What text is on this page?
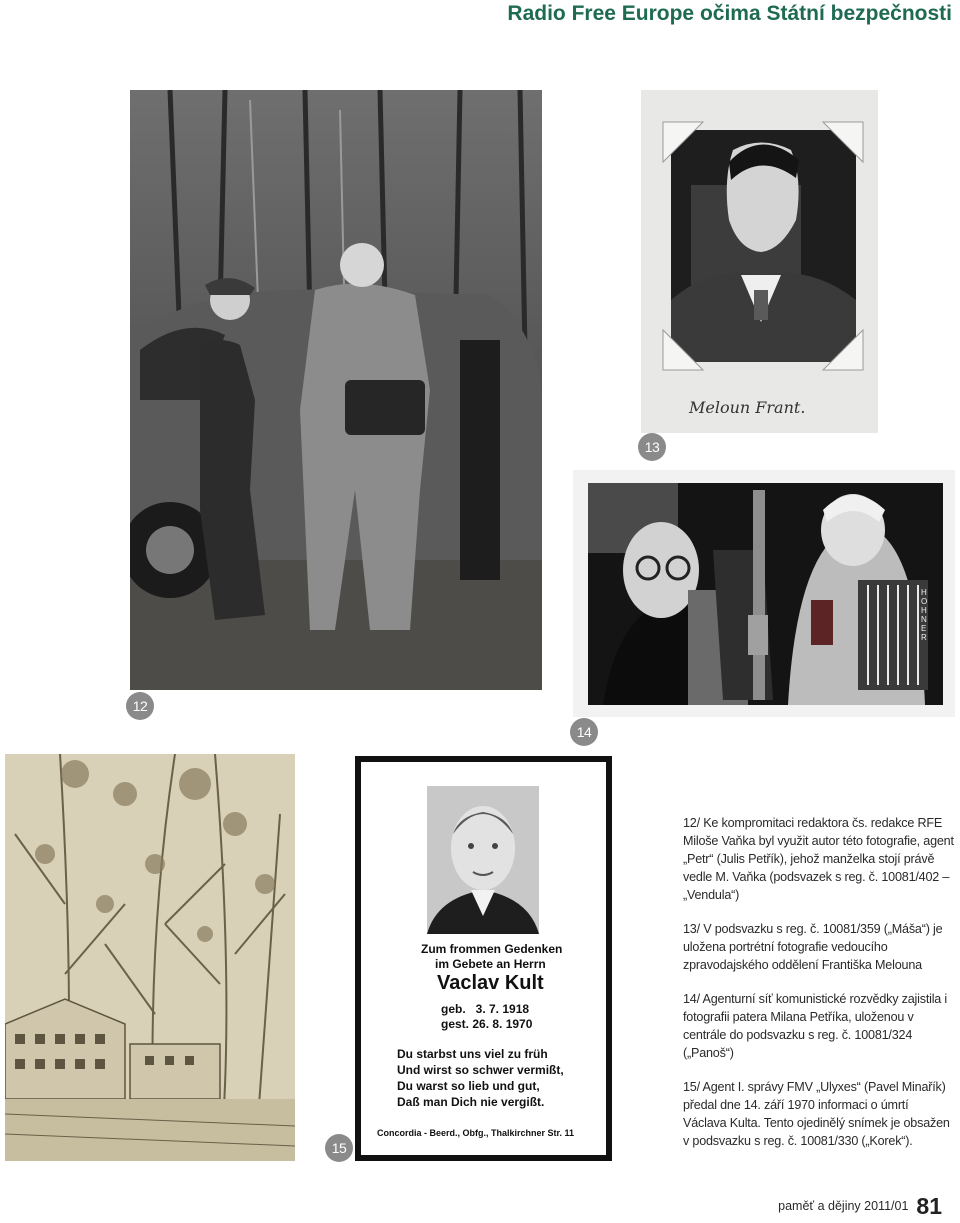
Radio Free Europe očima Státní bezpečnosti
12
Meloun Frant.
13
HOHNER
14
15
Zum frommen Gedenken
im Gebete an Herrn
Vaclav Kult
geb.   3. 7. 1918
gest. 26. 8. 1970
Du starbst uns viel zu früh
Und wirst so schwer vermißt,
Du warst so lieb und gut,
Daß man Dich nie vergißt.
Concordia - Beerd., Obfg., Thalkirchner Str. 11

12/ Ke kompromitaci redaktora čs. redakce RFE Miloše Vaňka byl využit autor této fotografie, agent „Petr“ (Julis Petřík), jehož manželka stojí právě vedle M. Vaňka (podsvazek s reg. č. 10081/402 – „Vendula“)

13/ V podsvazku s reg. č. 10081/359 („Máša“) je uložena portrétní fotografie vedoucího zpravodajského oddělení Františka Melouna

14/ Agenturní síť komunistické rozvědky zajistila i fotografii patera Milana Petříka, uloženou v centrále do podsvazku s reg. č. 10081/324 („Panoš“)

15/ Agent I. správy FMV „Ulyxes“ (Pavel Minařík) předal dne 14. září 1970 informaci o úmrtí Václava Kulta. Tento ojedinělý snímek je obsažen v podsvazku s reg. č. 10081/330 („Korek“).

$^{paměť a dějiny 2011/01}$ 81
